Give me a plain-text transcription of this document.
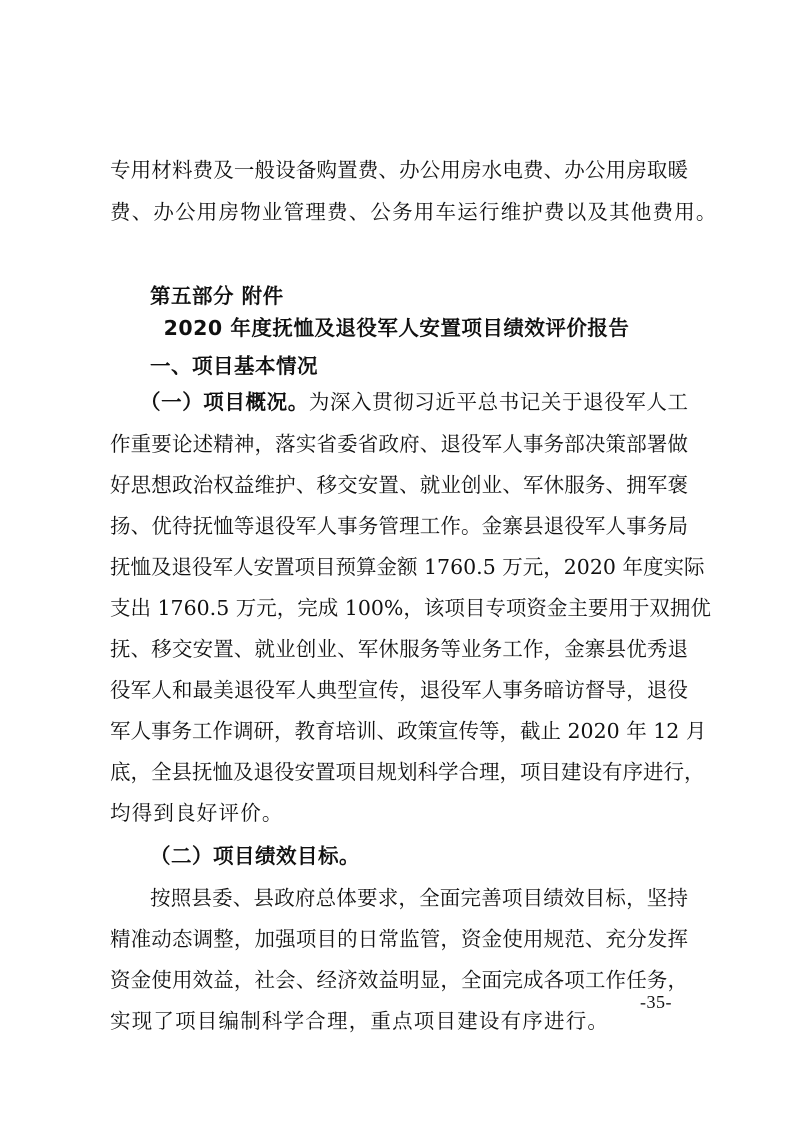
专用材料费及一般设备购置费、办公用房水电费、办公用房取暖

费、办公用房物业管理费、公务用车运行维护费以及其他费用。

第五部分 附件

2020 年度抚恤及退役军人安置项目绩效评价报告

一、项目基本情况

（一）项目概况。为深入贯彻习近平总书记关于退役军人工

作重要论述精神，落实省委省政府、退役军人事务部决策部署做

好思想政治权益维护、移交安置、就业创业、军休服务、拥军褒

扬、优待抚恤等退役军人事务管理工作。金寨县退役军人事务局

抚恤及退役军人安置项目预算金额 1760.5 万元，2020 年度实际

支出 1760.5 万元，完成 100%，该项目专项资金主要用于双拥优

抚、移交安置、就业创业、军休服务等业务工作，金寨县优秀退

役军人和最美退役军人典型宣传，退役军人事务暗访督导，退役

军人事务工作调研，教育培训、政策宣传等，截止 2020 年 12 月

底，全县抚恤及退役安置项目规划科学合理，项目建设有序进行，

均得到良好评价。

（二）项目绩效目标。

按照县委、县政府总体要求，全面完善项目绩效目标，坚持

精准动态调整，加强项目的日常监管，资金使用规范、充分发挥

资金使用效益，社会、经济效益明显，全面完成各项工作任务，

实现了项目编制科学合理，重点项目建设有序进行。

-35-
